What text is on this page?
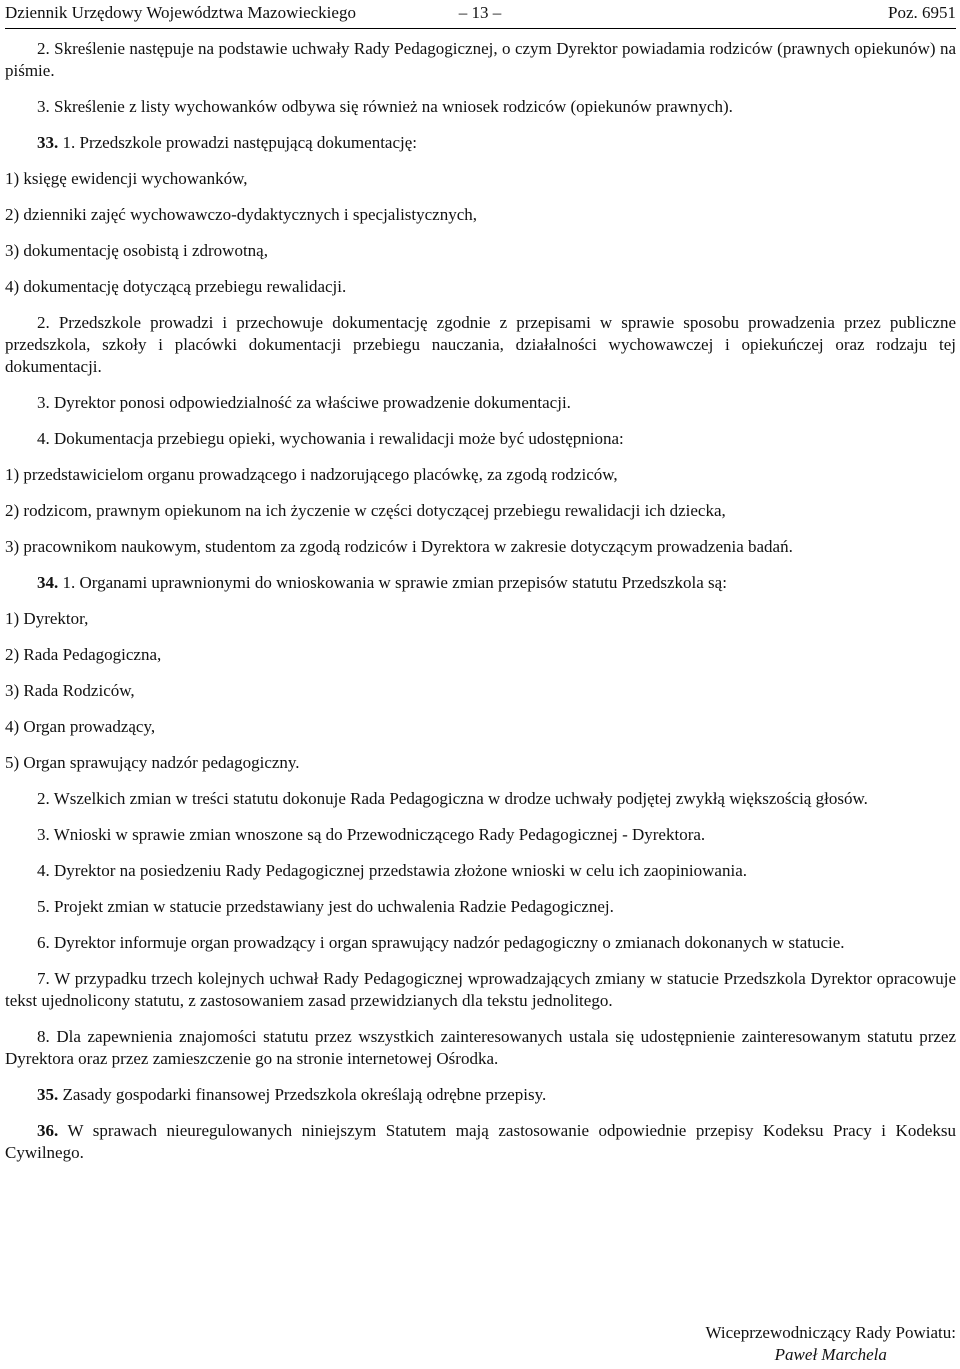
Dziennik Urzędowy Województwa Mazowieckiego	– 13 –	Poz. 6951

2. Skreślenie następuje na podstawie uchwały Rady Pedagogicznej, o czym Dyrektor powiadamia rodziców (prawnych opiekunów) na piśmie.

3. Skreślenie z listy wychowanków odbywa się również na wniosek rodziców (opiekunów prawnych).

33. 1. Przedszkole prowadzi następującą dokumentację:

1) księgę ewidencji wychowanków,

2) dzienniki zajęć wychowawczo-dydaktycznych i specjalistycznych,

3) dokumentację osobistą i zdrowotną,

4) dokumentację dotyczącą przebiegu rewalidacji.

2. Przedszkole prowadzi i przechowuje dokumentację zgodnie z przepisami w sprawie sposobu prowadzenia przez publiczne przedszkola, szkoły i placówki dokumentacji przebiegu nauczania, działalności wychowawczej i opiekuńczej oraz rodzaju tej dokumentacji.

3. Dyrektor ponosi odpowiedzialność za właściwe prowadzenie dokumentacji.

4. Dokumentacja przebiegu opieki, wychowania i rewalidacji może być udostępniona:

1) przedstawicielom organu prowadzącego i nadzorującego placówkę, za zgodą rodziców,

2) rodzicom, prawnym opiekunom na ich życzenie w części dotyczącej przebiegu rewalidacji ich dziecka,

3) pracownikom naukowym, studentom za zgodą rodziców i Dyrektora w zakresie dotyczącym prowadzenia badań.

34. 1. Organami uprawnionymi do wnioskowania w sprawie zmian przepisów statutu Przedszkola są:

1) Dyrektor,

2) Rada Pedagogiczna,

3) Rada Rodziców,

4) Organ prowadzący,

5) Organ sprawujący nadzór pedagogiczny.

2. Wszelkich zmian w treści statutu dokonuje Rada Pedagogiczna w drodze uchwały podjętej zwykłą większością głosów.

3. Wnioski w sprawie zmian wnoszone są do Przewodniczącego Rady Pedagogicznej - Dyrektora.

4. Dyrektor na posiedzeniu Rady Pedagogicznej przedstawia złożone wnioski w celu ich zaopiniowania.

5. Projekt zmian w statucie przedstawiany jest do uchwalenia Radzie Pedagogicznej.

6. Dyrektor informuje organ prowadzący i organ sprawujący nadzór pedagogiczny o zmianach dokonanych w statucie.

7. W przypadku trzech kolejnych uchwał Rady Pedagogicznej wprowadzających zmiany w statucie Przedszkola Dyrektor opracowuje tekst ujednolicony statutu, z zastosowaniem zasad przewidzianych dla tekstu jednolitego.

8. Dla zapewnienia znajomości statutu przez wszystkich zainteresowanych ustala się udostępnienie zainteresowanym statutu przez Dyrektora oraz przez zamieszczenie go na stronie internetowej Ośrodka.

35. Zasady gospodarki finansowej Przedszkola określają odrębne przepisy.

36. W sprawach nieuregulowanych niniejszym Statutem mają zastosowanie odpowiednie przepisy Kodeksu Pracy i Kodeksu Cywilnego.

Wiceprzewodniczący Rady Powiatu:
Paweł Marchela
